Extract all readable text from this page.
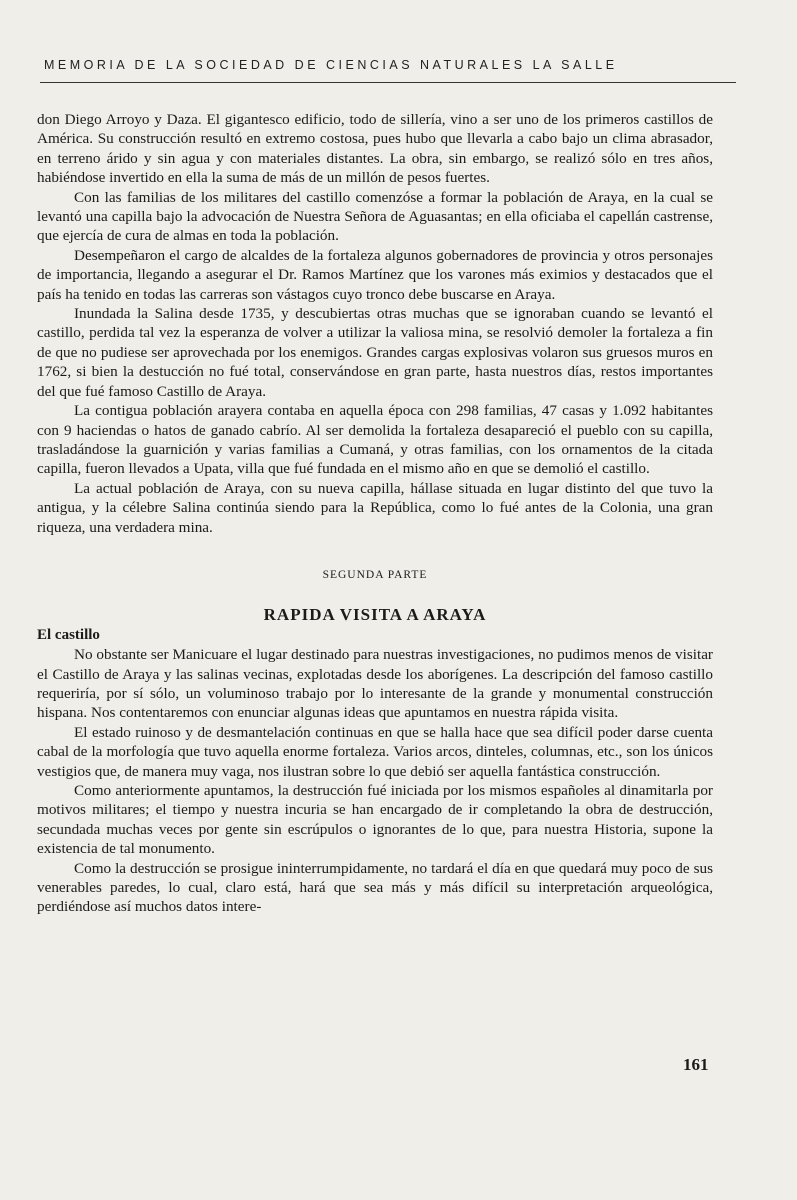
MEMORIA DE LA SOCIEDAD DE CIENCIAS NATURALES LA SALLE

don Diego Arroyo y Daza. El gigantesco edificio, todo de sillería, vino a ser uno de los primeros castillos de América. Su construcción resultó en extremo costosa, pues hubo que llevarla a cabo bajo un clima abrasador, en terreno árido y sin agua y con materiales distantes. La obra, sin embargo, se realizó sólo en tres años, habiéndose invertido en ella la suma de más de un millón de pesos fuertes.

Con las familias de los militares del castillo comenzóse a formar la población de Araya, en la cual se levantó una capilla bajo la advocación de Nuestra Señora de Aguasantas; en ella oficiaba el capellán castrense, que ejercía de cura de almas en toda la población.

Desempeñaron el cargo de alcaldes de la fortaleza algunos gobernadores de provincia y otros personajes de importancia, llegando a asegurar el Dr. Ramos Martínez que los varones más eximios y destacados que el país ha tenido en todas las carreras son vástagos cuyo tronco debe buscarse en Araya.

Inundada la Salina desde 1735, y descubiertas otras muchas que se ignoraban cuando se levantó el castillo, perdida tal vez la esperanza de volver a utilizar la valiosa mina, se resolvió demoler la fortaleza a fin de que no pudiese ser aprovechada por los enemigos. Grandes cargas explosivas volaron sus gruesos muros en 1762, si bien la destucción no fué total, conservándose en gran parte, hasta nuestros días, restos importantes del que fué famoso Castillo de Araya.

La contigua población arayera contaba en aquella época con 298 familias, 47 casas y 1.092 habitantes con 9 haciendas o hatos de ganado cabrío. Al ser demolida la fortaleza desapareció el pueblo con su capilla, trasladándose la guarnición y varias familias a Cumaná, y otras familias, con los ornamentos de la citada capilla, fueron llevados a Upata, villa que fué fundada en el mismo año en que se demolió el castillo.

La actual población de Araya, con su nueva capilla, hállase situada en lugar distinto del que tuvo la antigua, y la célebre Salina continúa siendo para la República, como lo fué antes de la Colonia, una gran riqueza, una verdadera mina.

SEGUNDA PARTE
RAPIDA VISITA A ARAYA
El castillo

No obstante ser Manicuare el lugar destinado para nuestras investigaciones, no pudimos menos de visitar el Castillo de Araya y las salinas vecinas, explotadas desde los aborígenes. La descripción del famoso castillo requeriría, por sí sólo, un voluminoso trabajo por lo interesante de la grande y monumental construcción hispana. Nos contentaremos con enunciar algunas ideas que apuntamos en nuestra rápida visita.

El estado ruinoso y de desmantelación continuas en que se halla hace que sea difícil poder darse cuenta cabal de la morfología que tuvo aquella enorme fortaleza. Varios arcos, dinteles, columnas, etc., son los únicos vestigios que, de manera muy vaga, nos ilustran sobre lo que debió ser aquella fantástica construcción.

Como anteriormente apuntamos, la destrucción fué iniciada por los mismos españoles al dinamitarla por motivos militares; el tiempo y nuestra incuria se han encargado de ir completando la obra de destrucción, secundada muchas veces por gente sin escrúpulos o ignorantes de lo que, para nuestra Historia, supone la existencia de tal monumento.

Como la destrucción se prosigue ininterrumpidamente, no tardará el día en que quedará muy poco de sus venerables paredes, lo cual, claro está, hará que sea más y más difícil su interpretación arqueológica, perdiéndose así muchos datos intere-

161
